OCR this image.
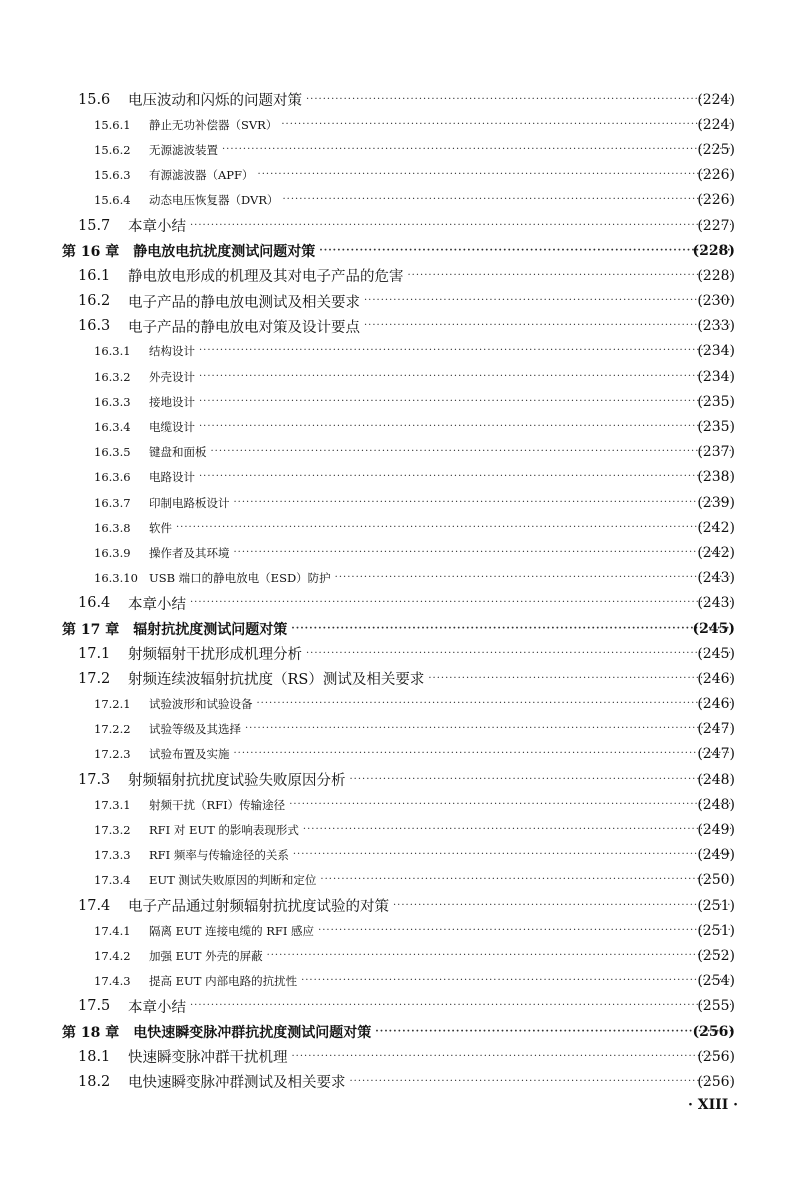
15.6	电压波动和闪烁的问题对策 ·····	(224)
15.6.1	静止无功补偿器（SVR） ·····	(224)
15.6.2	无源滤波装置 ·····	(225)
15.6.3	有源滤波器（APF） ·····	(226)
15.6.4	动态电压恢复器（DVR） ·····	(226)
15.7	本章小结 ·····	(227)
第 16 章 静电放电抗扰度测试问题对策 ·····	(228)
16.1	静电放电形成的机理及其对电子产品的危害 ·····	(228)
16.2	电子产品的静电放电测试及相关要求 ·····	(230)
16.3	电子产品的静电放电对策及设计要点 ·····	(233)
16.3.1	结构设计 ·····	(234)
16.3.2	外壳设计 ·····	(234)
16.3.3	接地设计 ·····	(235)
16.3.4	电缆设计 ·····	(235)
16.3.5	键盘和面板 ·····	(237)
16.3.6	电路设计 ·····	(238)
16.3.7	印制电路板设计 ·····	(239)
16.3.8	软件 ·····	(242)
16.3.9	操作者及其环境 ·····	(242)
16.3.10 USB 端口的静电放电（ESD）防护 ·····	(243)
16.4	本章小结 ·····	(243)
第 17 章 辐射抗扰度测试问题对策 ·····	(245)
17.1	射频辐射干扰形成机理分析 ·····	(245)
17.2	射频连续波辐射抗扰度（RS）测试及相关要求 ·····	(246)
17.2.1	试验波形和试验设备 ·····	(246)
17.2.2	试验等级及其选择 ·····	(247)
17.2.3	试验布置及实施 ·····	(247)
17.3	射频辐射抗扰度试验失败原因分析 ·····	(248)
17.3.1	射频干扰（RFI）传输途径 ·····	(248)
17.3.2	RFI 对 EUT 的影响表现形式 ·····	(249)
17.3.3	RFI 频率与传输途径的关系 ·····	(249)
17.3.4	EUT 测试失败原因的判断和定位 ·····	(250)
17.4	电子产品通过射频辐射抗扰度试验的对策 ·····	(251)
17.4.1	隔离 EUT 连接电缆的 RFI 感应 ·····	(251)
17.4.2	加强 EUT 外壳的屏蔽 ·····	(252)
17.4.3	提高 EUT 内部电路的抗扰性 ·····	(254)
17.5	本章小结 ·····	(255)
第 18 章 电快速瞬变脉冲群抗扰度测试问题对策 ·····	(256)
18.1	快速瞬变脉冲群干扰机理 ·····	(256)
18.2	电快速瞬变脉冲群测试及相关要求 ·····	(256)
· XIII ·
